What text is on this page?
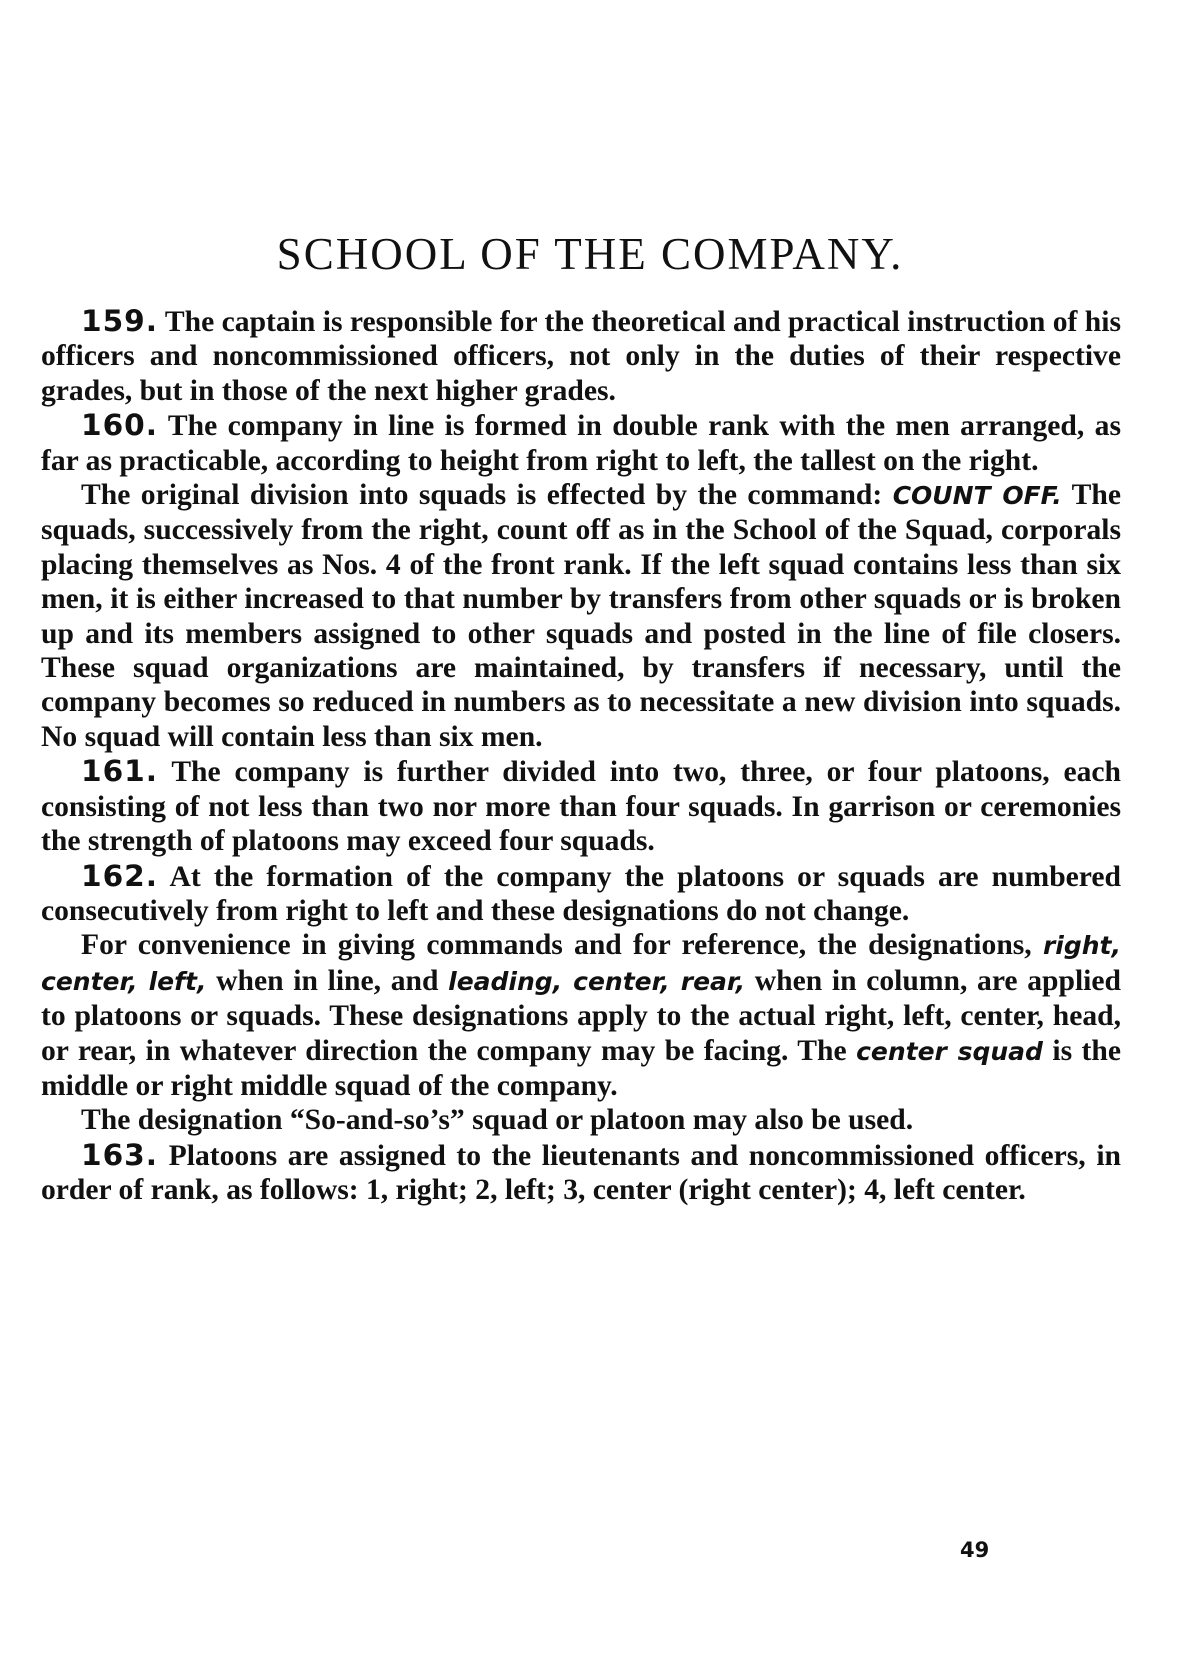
SCHOOL OF THE COMPANY.

159. The captain is responsible for the theoretical and practical instruction of his officers and noncommissioned officers, not only in the duties of their respective grades, but in those of the next higher grades.

160. The company in line is formed in double rank with the men arranged, as far as practicable, according to height from right to left, the tallest on the right.

The original division into squads is effected by the command: COUNT OFF. The squads, successively from the right, count off as in the School of the Squad, corporals placing themselves as Nos. 4 of the front rank. If the left squad contains less than six men, it is either increased to that number by transfers from other squads or is broken up and its members assigned to other squads and posted in the line of file closers. These squad organizations are maintained, by transfers if necessary, until the company becomes so reduced in numbers as to necessitate a new division into squads. No squad will contain less than six men.

161. The company is further divided into two, three, or four platoons, each consisting of not less than two nor more than four squads. In garrison or ceremonies the strength of platoons may exceed four squads.

162. At the formation of the company the platoons or squads are numbered consecutively from right to left and these designations do not change.

For convenience in giving commands and for reference, the designations, right, center, left, when in line, and leading, center, rear, when in column, are applied to platoons or squads. These designations apply to the actual right, left, center, head, or rear, in whatever direction the company may be facing. The center squad is the middle or right middle squad of the company.

The designation “So-and-so’s” squad or platoon may also be used.

163. Platoons are assigned to the lieutenants and noncommissioned officers, in order of rank, as follows: 1, right; 2, left; 3, center (right center); 4, left center.

49
